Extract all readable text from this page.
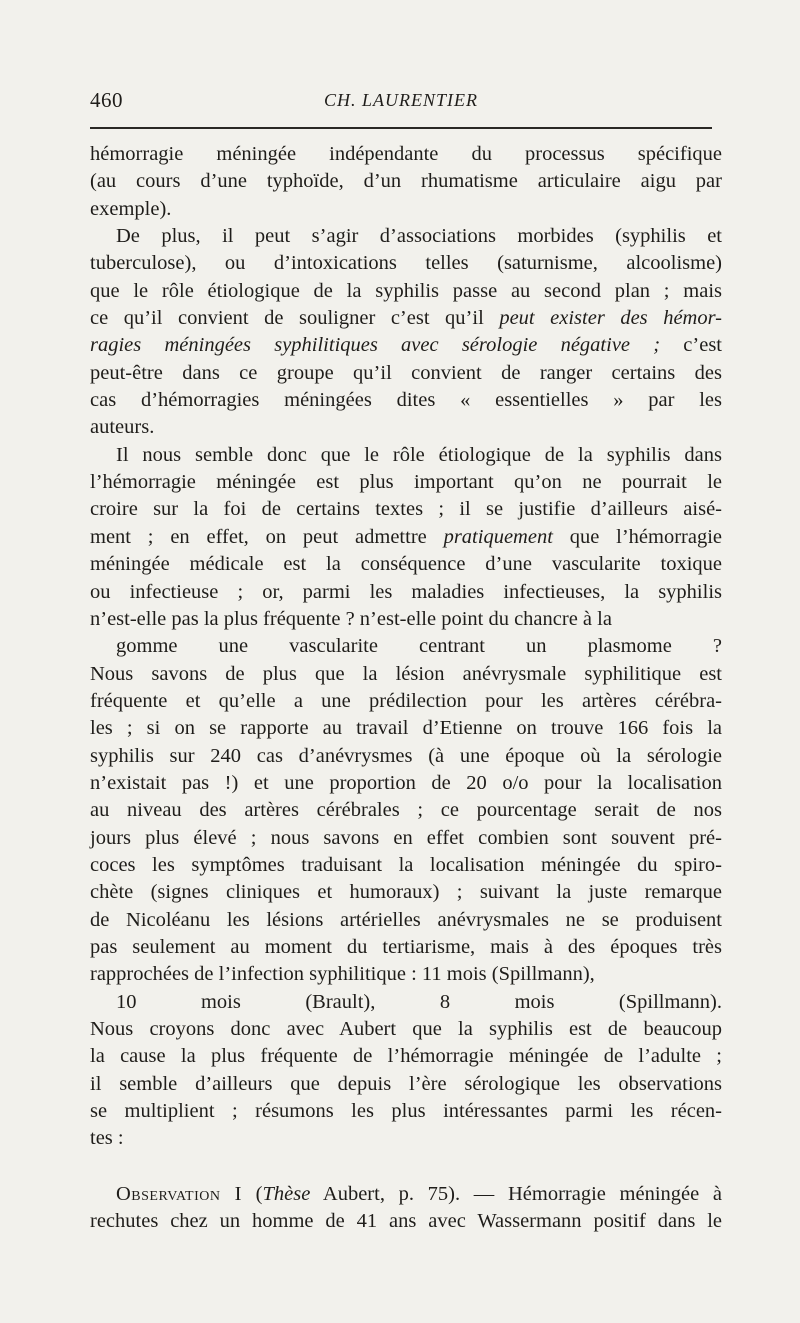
460	CH. LAURENTIER
hémorragie méningée indépendante du processus spécifique
(au cours d’une typhoïde, d’un rhumatisme articulaire aigu par
exemple).
De plus, il peut s’agir d’associations morbides (syphilis et
tuberculose), ou d’intoxications telles (saturnisme, alcoolisme)
que le rôle étiologique de la syphilis passe au second plan ; mais
ce qu’il convient de souligner c’est qu’il peut exister des hémor-
ragies méningées syphilitiques avec sérologie négative ; c’est
peut-être dans ce groupe qu’il convient de ranger certains des
cas d’hémorragies méningées dites « essentielles » par les
auteurs.
Il nous semble donc que le rôle étiologique de la syphilis dans
l’hémorragie méningée est plus important qu’on ne pourrait le
croire sur la foi de certains textes ; il se justifie d’ailleurs aisé-
ment ; en effet, on peut admettre pratiquement que l’hémorragie
méningée médicale est la conséquence d’une vascularite toxique
ou infectieuse ; or, parmi les maladies infectieuses, la syphilis
n’est-elle pas la plus fréquente ? n’est-elle point du chancre à la
gomme une vascularite centrant un plasmome ?
Nous savons de plus que la lésion anévrysmale syphilitique est
fréquente et qu’elle a une prédilection pour les artères cérébra-
les ; si on se rapporte au travail d’Etienne on trouve 166 fois la
syphilis sur 240 cas d’anévrysmes (à une époque où la sérologie
n’existait pas !) et une proportion de 20 o/o pour la localisation
au niveau des artères cérébrales ; ce pourcentage serait de nos
jours plus élevé ; nous savons en effet combien sont souvent pré-
coces les symptômes traduisant la localisation méningée du spiro-
chète (signes cliniques et humoraux) ; suivant la juste remarque
de Nicoléanu les lésions artérielles anévrysmales ne se produisent
pas seulement au moment du tertiarisme, mais à des époques très
rapprochées de l’infection syphilitique : 11 mois (Spillmann),
10 mois (Brault), 8 mois (Spillmann).
Nous croyons donc avec Aubert que la syphilis est de beaucoup
la cause la plus fréquente de l’hémorragie méningée de l’adulte ;
il semble d’ailleurs que depuis l’ère sérologique les observations
se multiplient ; résumons les plus intéressantes parmi les récen-
tes :
Observation I (Thèse Aubert, p. 75). — Hémorragie méningée à
rechutes chez un homme de 41 ans avec Wassermann positif dans le
